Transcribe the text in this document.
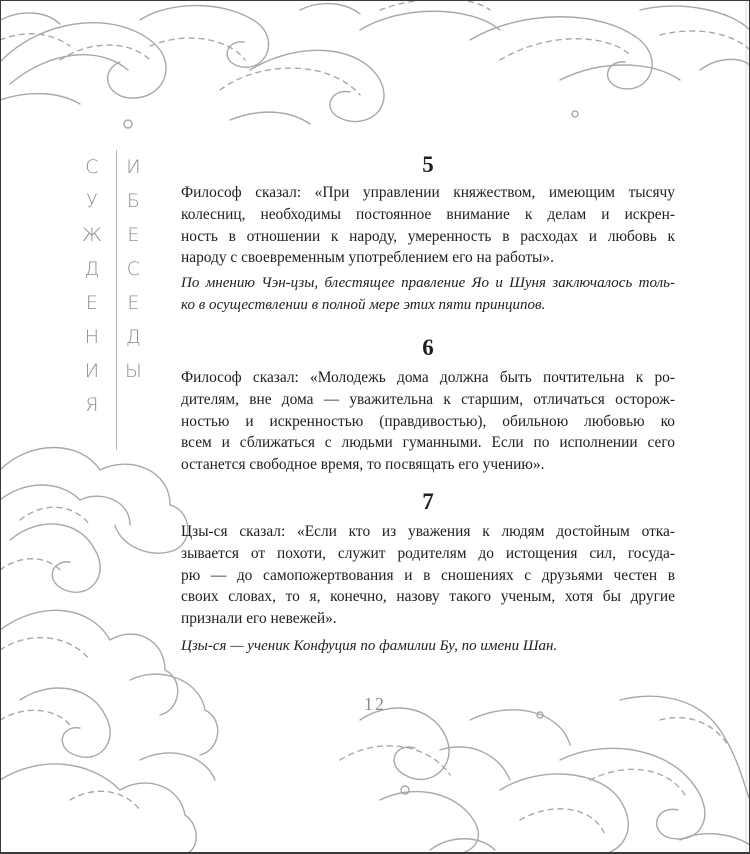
С
У
Ж
Д
Е
Н
И
Я
И
Б
Е
С
Е
Д
Ы
5
Философ сказал: «При управлении княжеством, имеющим тысячу
колесниц, необходимы постоянное внимание к делам и искрен-
ность в отношении к народу, умеренность в расходах и любовь к
народу с своевременным употреблением его на работы».
По мнению Чэн-цзы, блестящее правление Яо и Шуня заключалось толь-
ко в осуществлении в полной мере этих пяти принципов.
6
Философ сказал: «Молодежь дома должна быть почтительна к ро-
дителям, вне дома — уважительна к старшим, отличаться осторож-
ностью и искренностью (правдивостью), обильною любовью ко
всем и сближаться с людьми гуманными. Если по исполнении сего
останется свободное время, то посвящать его учению».
7
Цзы-ся сказал: «Если кто из уважения к людям достойным отка-
зывается от похоти, служит родителям до истощения сил, госуда-
рю — до самопожертвования и в сношениях с друзьями честен в
своих словах, то я, конечно, назову такого ученым, хотя бы другие
признали его невежей».
Цзы-ся — ученик Конфуция по фамилии Бу, по имени Шан.
12
